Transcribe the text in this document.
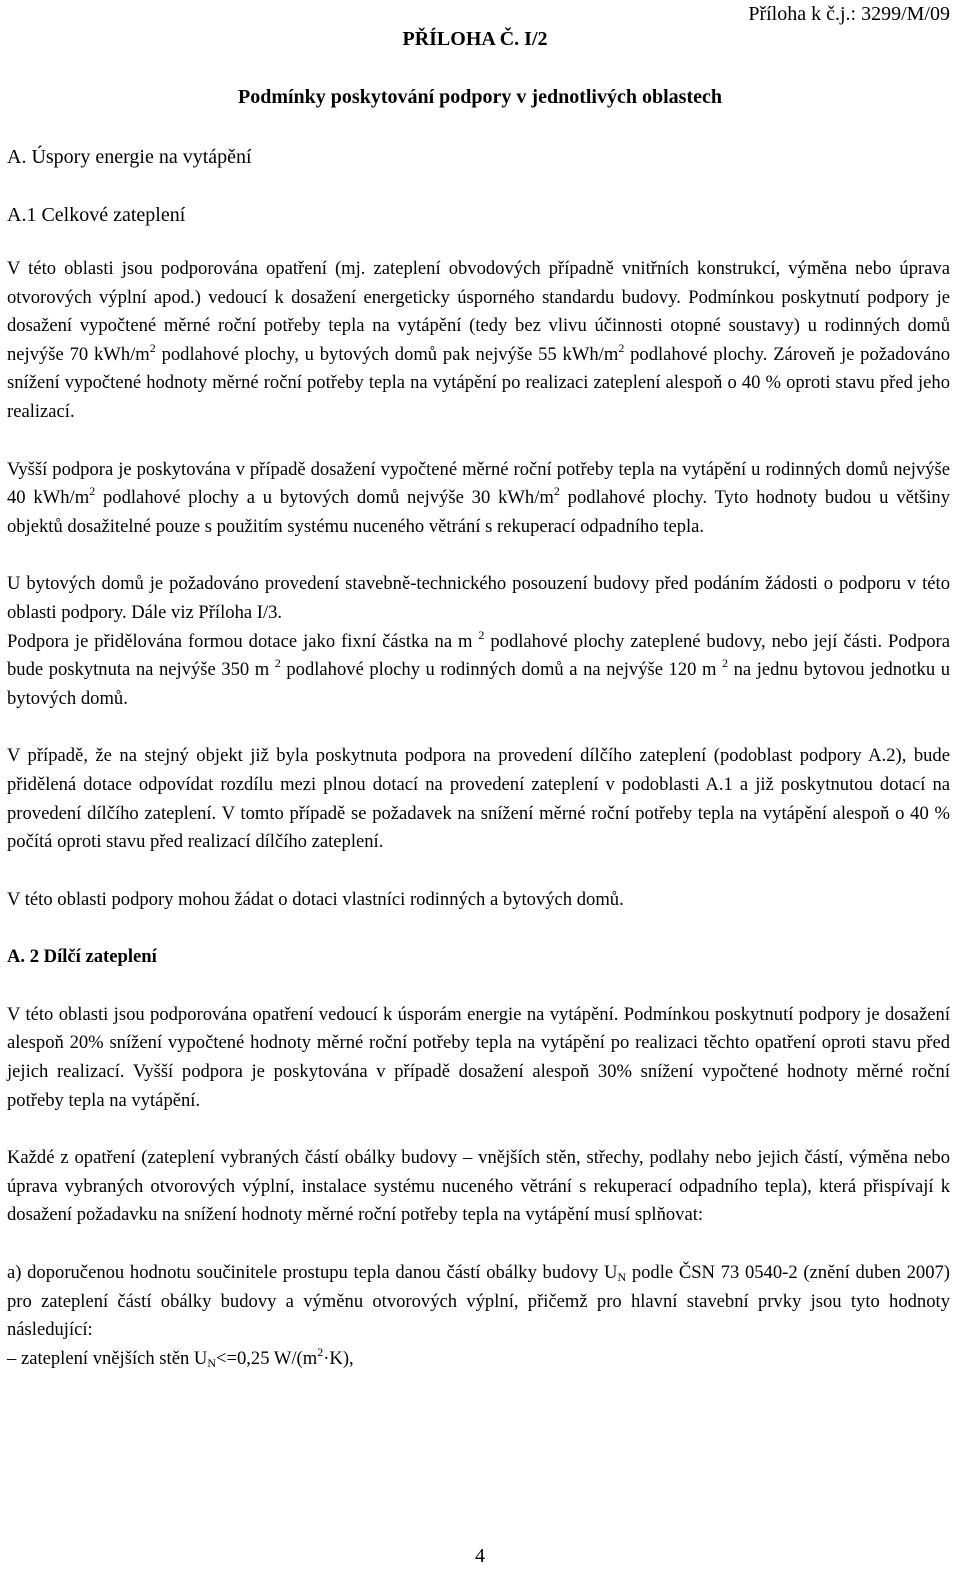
Příloha k č.j.: 3299/M/09
PŘÍLOHA Č. I/2
Podmínky poskytování podpory v jednotlivých oblastech
A. Úspory energie na vytápění
A.1 Celkové zateplení

V této oblasti jsou podporována opatření (mj. zateplení obvodových případně vnitřních konstrukcí, výměna nebo úprava otvorových výplní apod.) vedoucí k dosažení energeticky úsporného standardu budovy. Podmínkou poskytnutí podpory je dosažení vypočtené měrné roční potřeby tepla na vytápění (tedy bez vlivu účinnosti otopné soustavy) u rodinných domů nejvýše 70 kWh/$m^2$ podlahové plochy, u bytových domů pak nejvýše 55 kWh/$m^2$ podlahové plochy. Zároveň je požadováno snížení vypočtené hodnoty měrné roční potřeby tepla na vytápění po realizaci zateplení alespoň o 40 % oproti stavu před jeho realizací.

Vyšší podpora je poskytována v případě dosažení vypočtené měrné roční potřeby tepla na vytápění u rodinných domů nejvýše 40 kWh/$m^2$ podlahové plochy a u bytových domů nejvýše 30 kWh/$m^2$ podlahové plochy. Tyto hodnoty budou u většiny objektů dosažitelné pouze s použitím systému nuceného větrání s rekuperací odpadního tepla.

U bytových domů je požadováno provedení stavebně-technického posouzení budovy před podáním žádosti o podporu v této oblasti podpory. Dále viz Příloha I/3.

Podpora je přidělována formou dotace jako fixní částka na m $^2$ podlahové plochy zateplené budovy, nebo její části. Podpora bude poskytnuta na nejvýše 350 m $^2$ podlahové plochy u rodinných domů a na nejvýše 120 m $^2$ na jednu bytovou jednotku u bytových domů.

V případě, že na stejný objekt již byla poskytnuta podpora na provedení dílčího zateplení (podoblast podpory A.2), bude přidělená dotace odpovídat rozdílu mezi plnou dotací na provedení zateplení v podoblasti A.1 a již poskytnutou dotací na provedení dílčího zateplení. V tomto případě se požadavek na snížení měrné roční potřeby tepla na vytápění alespoň o 40 % počítá oproti stavu před realizací dílčího zateplení.

V této oblasti podpory mohou žádat o dotaci vlastníci rodinných a bytových domů.

A. 2 Dílčí zateplení

V této oblasti jsou podporována opatření vedoucí k úsporám energie na vytápění. Podmínkou poskytnutí podpory je dosažení alespoň 20% snížení vypočtené hodnoty měrné roční potřeby tepla na vytápění po realizaci těchto opatření oproti stavu před jejich realizací. Vyšší podpora je poskytována v případě dosažení alespoň 30% snížení vypočtené hodnoty měrné roční potřeby tepla na vytápění.

Každé z opatření (zateplení vybraných částí obálky budovy – vnějších stěn, střechy, podlahy nebo jejich částí, výměna nebo úprava vybraných otvorových výplní, instalace systému nuceného větrání s rekuperací odpadního tepla), která přispívají k dosažení požadavku na snížení hodnoty měrné roční potřeby tepla na vytápění musí splňovat:

a) doporučenou hodnotu součinitele prostupu tepla danou částí obálky budovy $U_N$ podle ČSN 73 0540-2 (znění duben 2007) pro zateplení částí obálky budovy a výměnu otvorových výplní, přičemž pro hlavní stavební prvky jsou tyto hodnoty následující:

– zateplení vnějších stěn $U_N<=0,25$ $W/(m^2\cdot K)$,

4
